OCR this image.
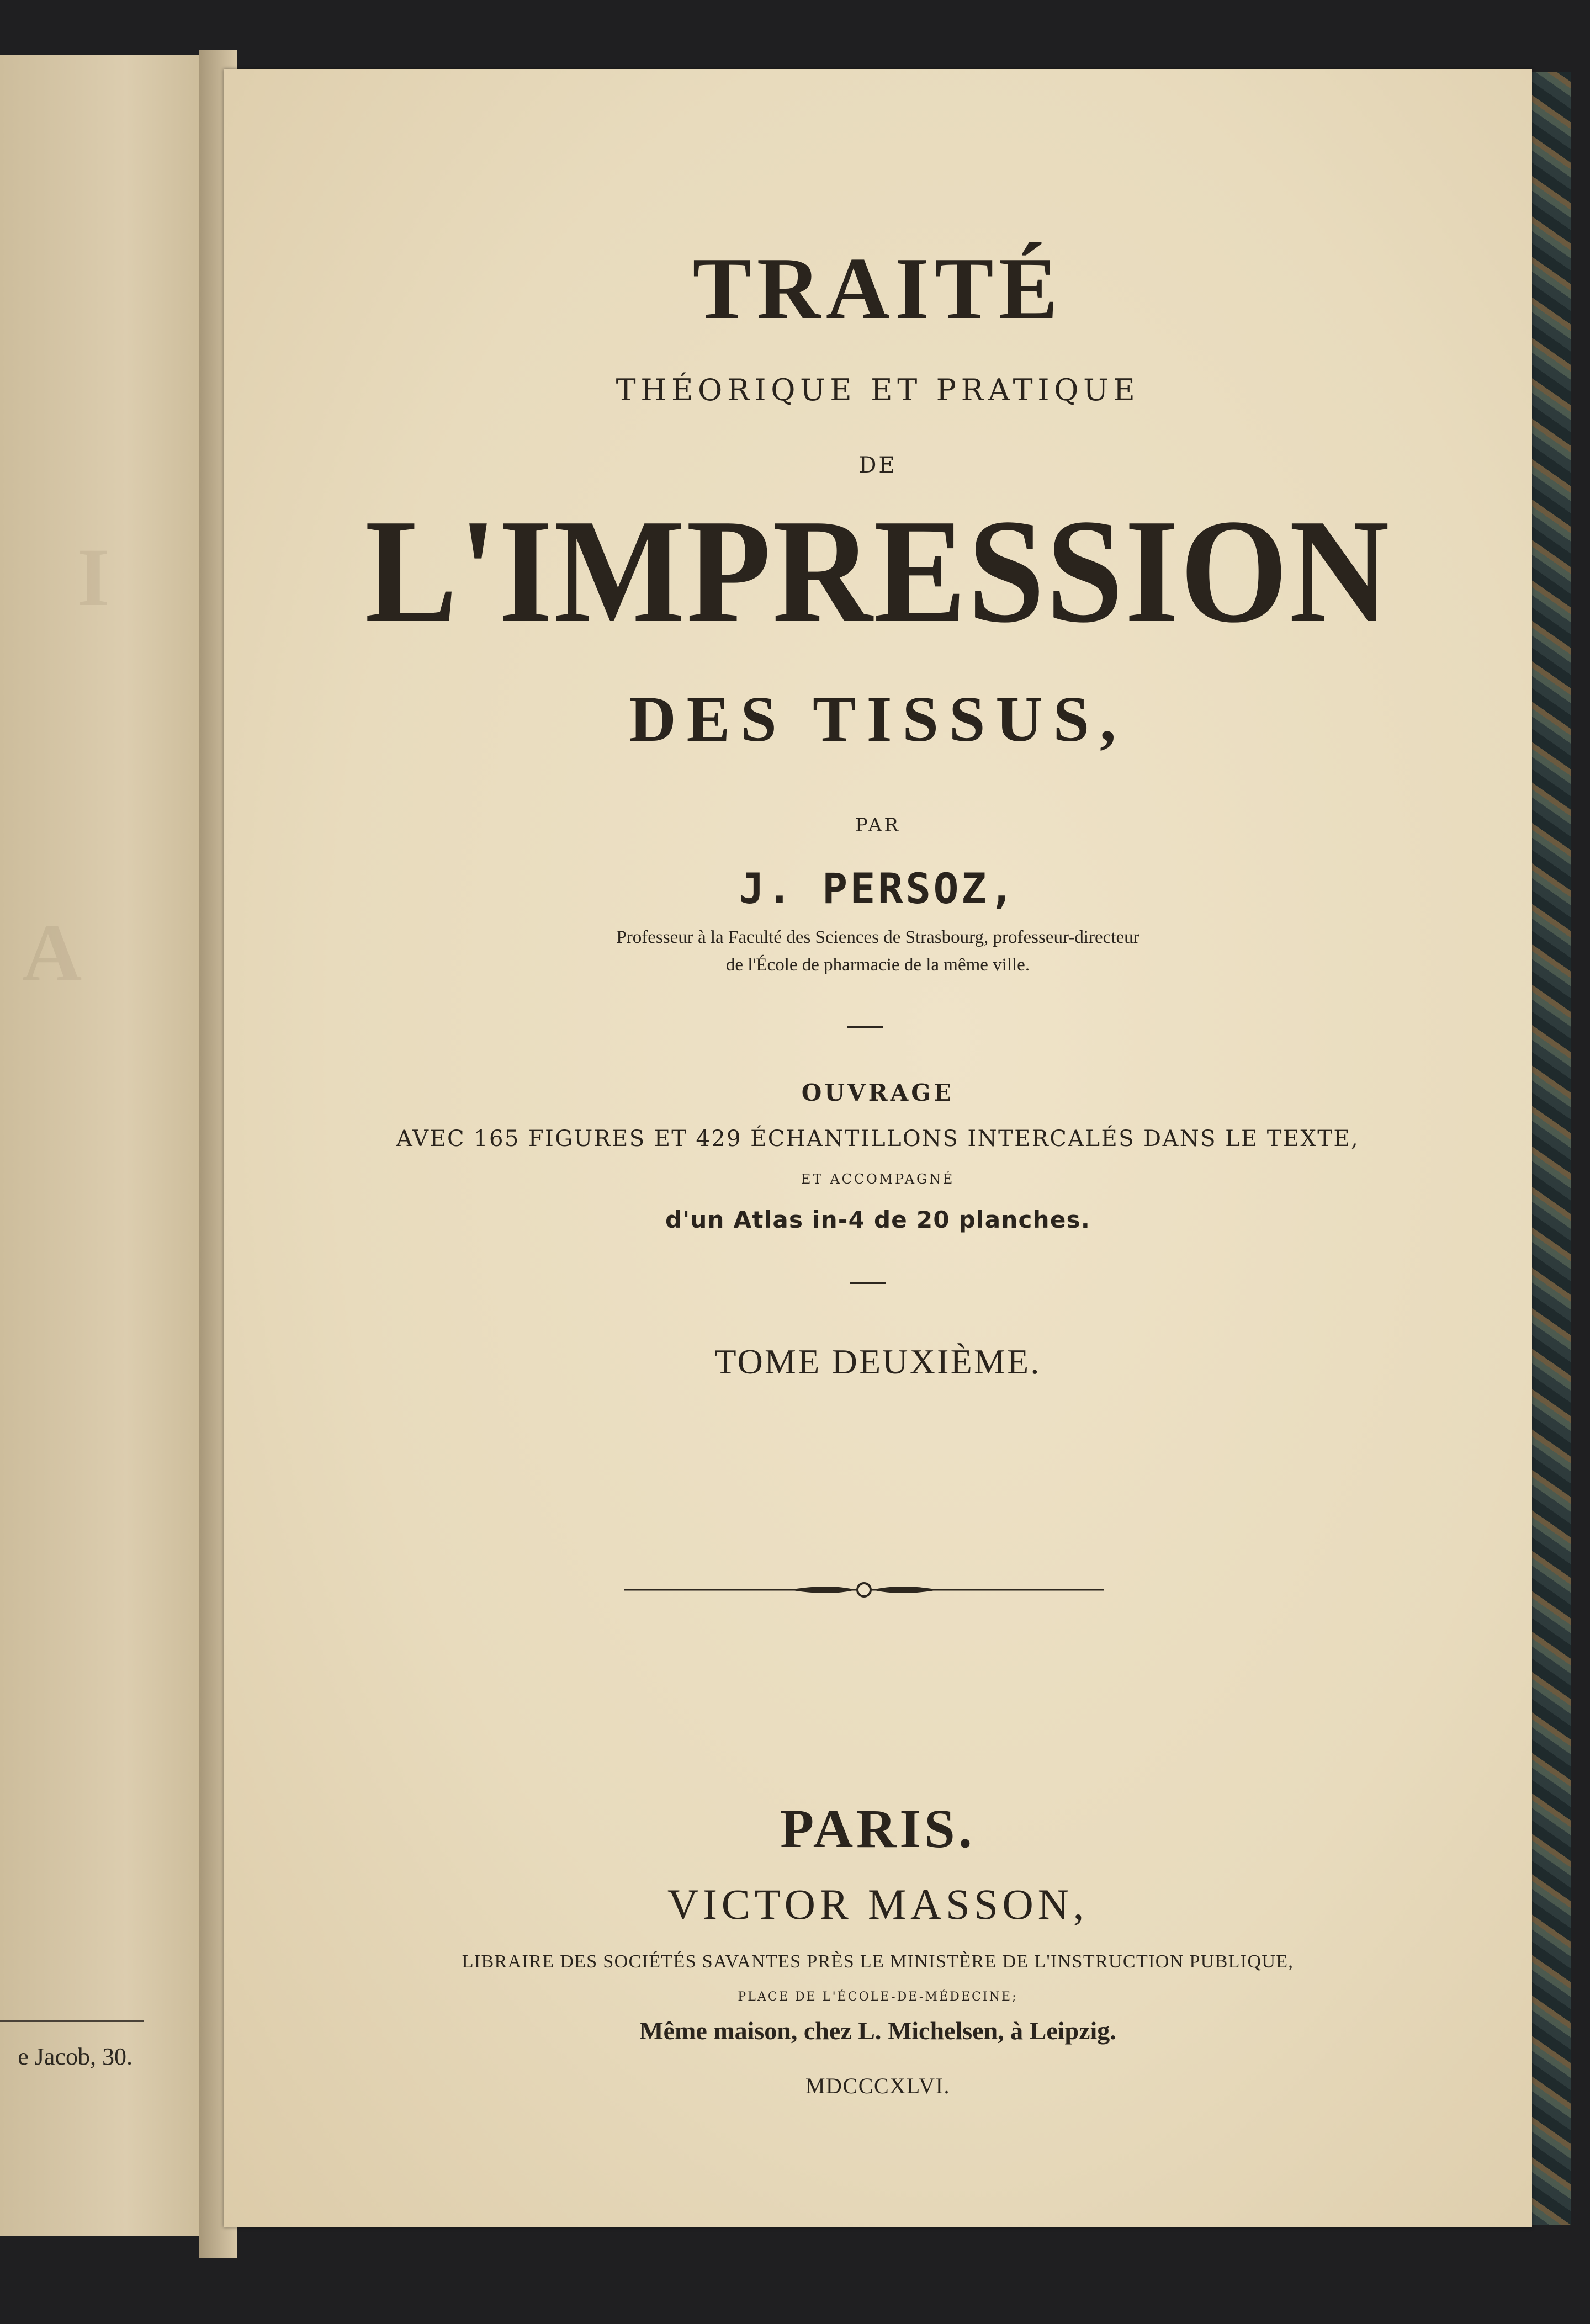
I
A
e Jacob, 30.
TRAITÉ
THÉORIQUE ET PRATIQUE
DE
L'IMPRESSION
DES TISSUS,
PAR
J. PERSOZ,
Professeur à la Faculté des Sciences de Strasbourg, professeur-directeur
de l'École de pharmacie de la même ville.
OUVRAGE
AVEC 165 FIGURES ET 429 ÉCHANTILLONS INTERCALÉS DANS LE TEXTE,
ET ACCOMPAGNÉ
d'un Atlas in-4 de 20 planches.
TOME DEUXIÈME.
PARIS.
VICTOR MASSON,
LIBRAIRE DES SOCIÉTÉS SAVANTES PRÈS LE MINISTÈRE DE L'INSTRUCTION PUBLIQUE,
PLACE DE L'ÉCOLE-DE-MÉDECINE;
Même maison, chez L. Michelsen, à Leipzig.
MDCCCXLVI.
